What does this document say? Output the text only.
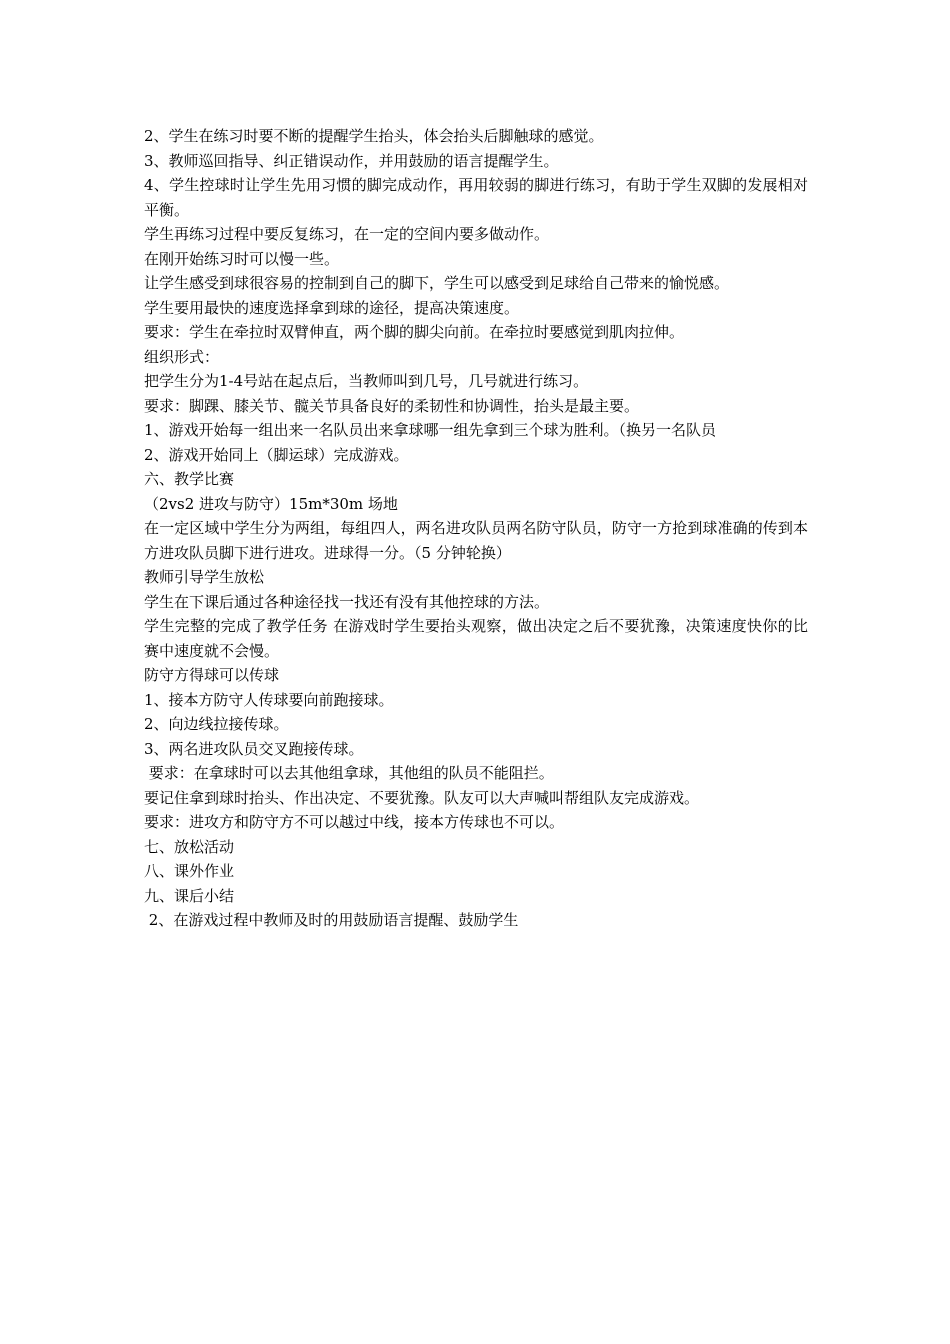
2、学生在练习时要不断的提醒学生抬头，体会抬头后脚触球的感觉。

3、教师巡回指导、纠正错误动作，并用鼓励的语言提醒学生。

4、学生控球时让学生先用习惯的脚完成动作，再用较弱的脚进行练习，有助于学生双脚的发展相对平衡。

学生再练习过程中要反复练习，在一定的空间内要多做动作。

在刚开始练习时可以慢一些。

让学生感受到球很容易的控制到自己的脚下，学生可以感受到足球给自己带来的愉悦感。

学生要用最快的速度选择拿到球的途径，提高决策速度。

要求：学生在牵拉时双臂伸直，两个脚的脚尖向前。在牵拉时要感觉到肌肉拉伸。

组织形式：

把学生分为1-4号站在起点后，当教师叫到几号，几号就进行练习。

要求：脚踝、膝关节、髋关节具备良好的柔韧性和协调性，抬头是最主要。

1、游戏开始每一组出来一名队员出来拿球哪一组先拿到三个球为胜利。（换另一名队员

2、游戏开始同上（脚运球）完成游戏。

六、教学比赛

（2vs2 进攻与防守）15m*30m 场地

在一定区域中学生分为两组，每组四人，两名进攻队员两名防守队员，防守一方抢到球准确的传到本方进攻队员脚下进行进攻。进球得一分。（5 分钟轮换）

教师引导学生放松

学生在下课后通过各种途径找一找还有没有其他控球的方法。

学生完整的完成了教学任务 在游戏时学生要抬头观察，做出决定之后不要犹豫，决策速度快你的比赛中速度就不会慢。

防守方得球可以传球

1、接本方防守人传球要向前跑接球。

2、向边线拉接传球。

3、两名进攻队员交叉跑接传球。

要求：在拿球时可以去其他组拿球，其他组的队员不能阻拦。

要记住拿到球时抬头、作出决定、不要犹豫。队友可以大声喊叫帮组队友完成游戏。

要求：进攻方和防守方不可以越过中线，接本方传球也不可以。

七、放松活动

八、课外作业

九、课后小结

2、在游戏过程中教师及时的用鼓励语言提醒、鼓励学生
